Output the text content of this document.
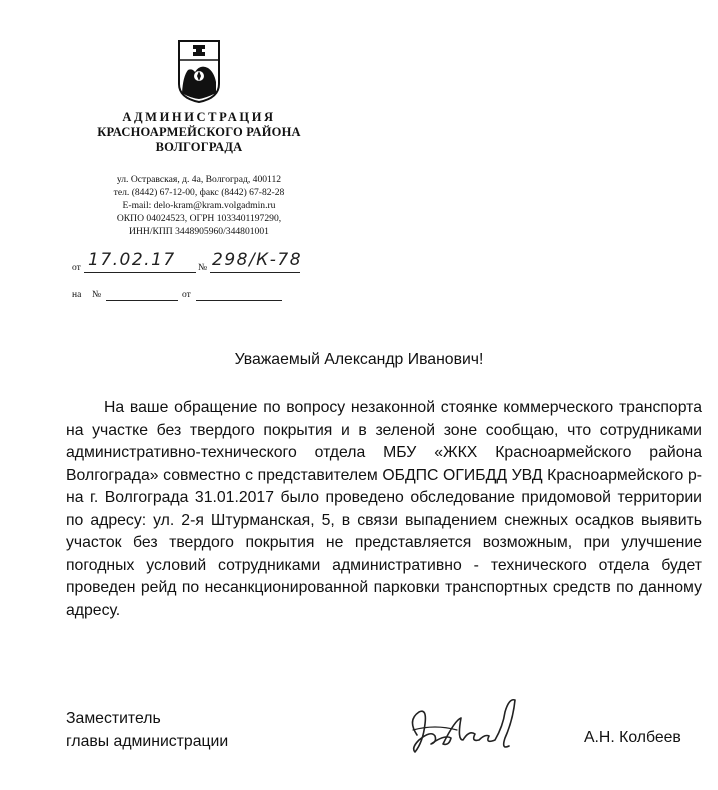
АДМИНИСТРАЦИЯ
КРАСНОАРМЕЙСКОГО РАЙОНА
ВОЛГОГРАДА
ул. Остравская, д. 4а, Волгоград, 400112
тел. (8442) 67-12-00, факс (8442) 67-82-28
E-mail: delo-kram@kram.volgadmin.ru
ОКПО 04024523, ОГРН 1033401197290,
ИНН/КПП 3448905960/344801001
от 17.02.17 № 298/К-78
на №	от
Уважаемый Александр Иванович!
На ваше обращение по вопросу незаконной стоянке коммерческого транспорта на участке без твердого покрытия и в зеленой зоне сообщаю, что сотрудниками административно-технического отдела МБУ «ЖКХ Красноармейского района Волгограда» совместно с представителем ОБДПС ОГИБДД УВД Красноармейского р-на г. Волгограда 31.01.2017 было проведено обследование придомовой территории по адресу: ул. 2-я Штурманская, 5, в связи выпадением снежных осадков выявить участок без твердого покрытия не представляется возможным, при улучшение погодных условий сотрудниками административно - технического отдела будет проведен рейд по несанкционированной парковки транспортных средств по данному адресу.
Заместитель
главы администрации	А.Н. Колбеев
